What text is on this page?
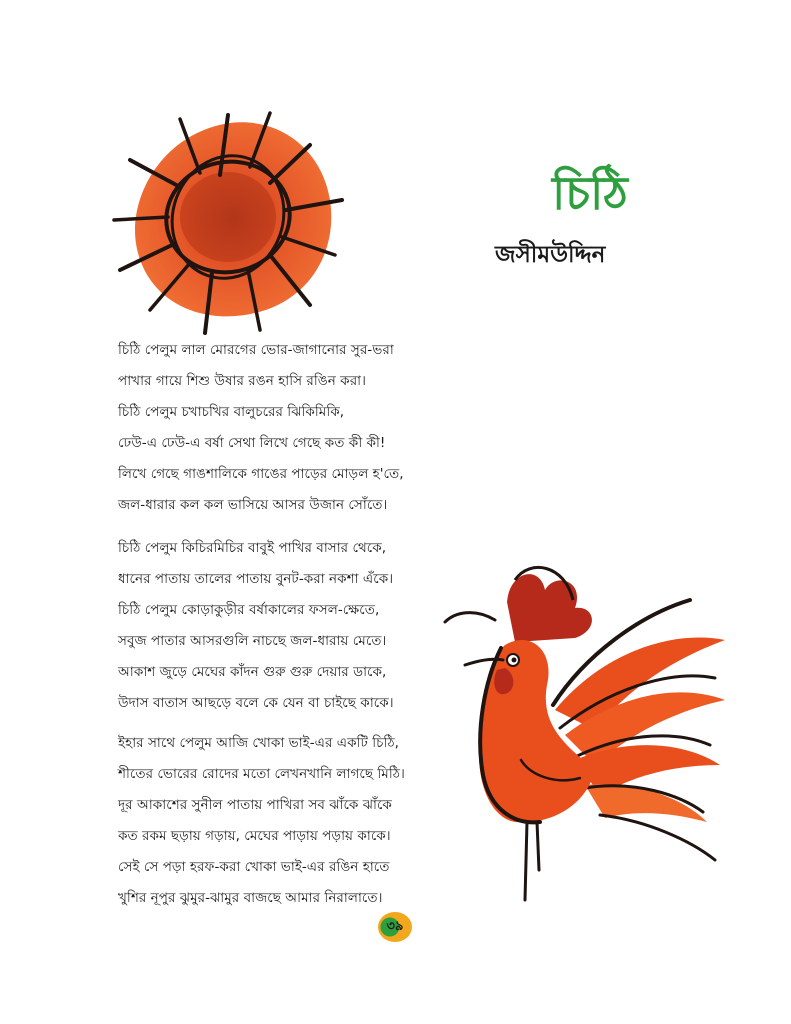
চিঠি
জসীমউদ্দিন
চিঠি পেলুম লাল মোরগের ভোর-জাগানোর সুর-ভরা
পাখার গায়ে শিশু উষার রঙন হাসি রঙিন করা।
চিঠি পেলুম চখাচখির বালুচরের ঝিকিমিকি,
ঢেউ-এ ঢেউ-এ বর্ষা সেথা লিখে গেছে কত কী কী!
লিখে গেছে গাঙশালিকে গাঙের পাড়ের মোড়ল হ'তে,
জল-ধারার কল কল ভাসিয়ে আসর উজান সোঁতে।
চিঠি পেলুম কিচিরমিচির বাবুই পাখির বাসার থেকে,
ধানের পাতায় তালের পাতায় বুনট-করা নকশা এঁকে।
চিঠি পেলুম কোড়াকুড়ীর বর্ষাকালের ফসল-ক্ষেতে,
সবুজ পাতার আসরগুলি নাচছে জল-ধারায় মেতে।
আকাশ জুড়ে মেঘের কাঁদন গুরু গুরু দেয়ার ডাকে,
উদাস বাতাস আছড়ে বলে কে যেন বা চাইছে কাকে।
ইহার সাথে পেলুম আজি খোকা ভাই-এর একটি চিঠি,
শীতের ভোরের রোদের মতো লেখনখানি লাগছে মিঠি।
দূর আকাশের সুনীল পাতায় পাখিরা সব ঝাঁকে ঝাঁকে
কত রকম ছড়ায় গড়ায়, মেঘের পাড়ায় পড়ায় কাকে।
সেই সে পড়া হরফ-করা খোকা ভাই-এর রঙিন হাতে
খুশির নূপুর ঝুমুর-ঝামুর বাজছে আমার নিরালাতে।
৩৯
